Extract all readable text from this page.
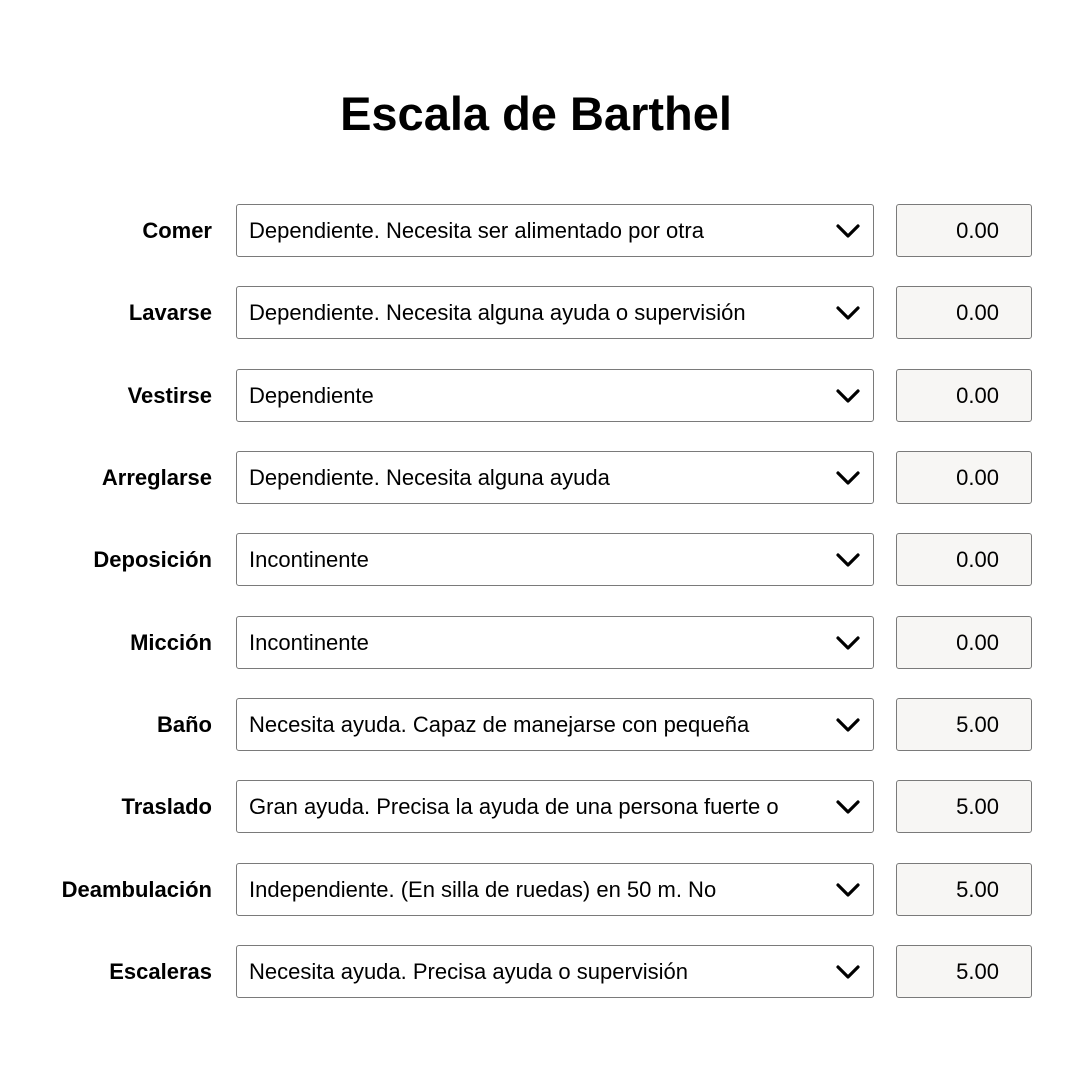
Escala de Barthel
Comer Dependiente. Necesita ser alimentado por otra	0.00
Lavarse Dependiente. Necesita alguna ayuda o supervisión	0.00
Vestirse Dependiente	0.00
Arreglarse Dependiente. Necesita alguna ayuda	0.00
Deposición Incontinente	0.00
Micción Incontinente	0.00
Baño Necesita ayuda. Capaz de manejarse con pequeña	5.00
Traslado Gran ayuda. Precisa la ayuda de una persona fuerte o	5.00
Deambulación Independiente. (En silla de ruedas) en 50 m. No	5.00
Escaleras Necesita ayuda. Precisa ayuda o supervisión	5.00
